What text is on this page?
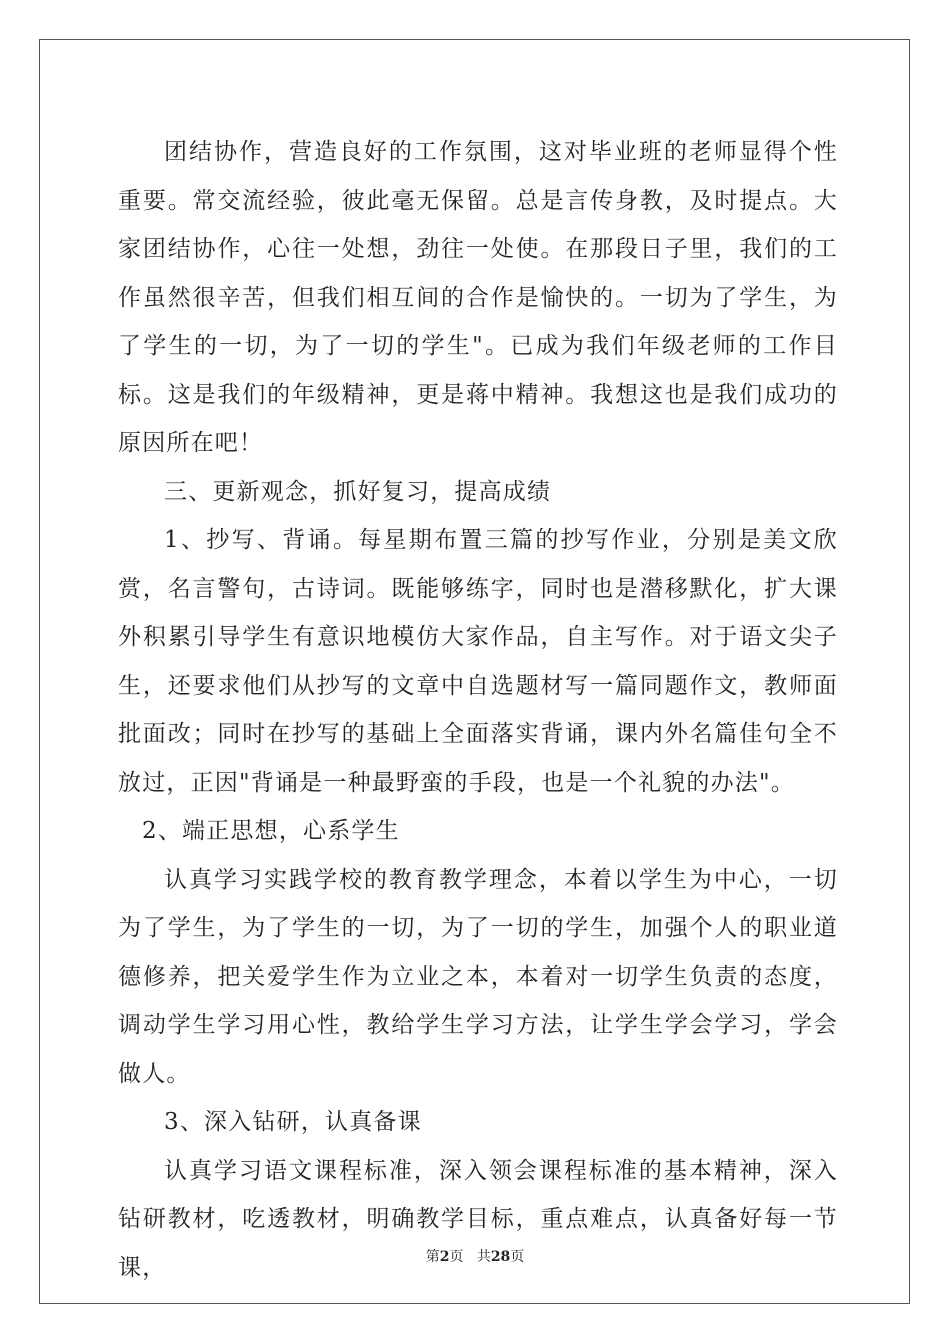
团结协作，营造良好的工作氛围，这对毕业班的老师显得个性重要。常交流经验，彼此毫无保留。总是言传身教，及时提点。大家团结协作，心往一处想，劲往一处使。在那段日子里，我们的工作虽然很辛苦，但我们相互间的合作是愉快的。一切为了学生，为了学生的一切，为了一切的学生"。已成为我们年级老师的工作目标。这是我们的年级精神，更是蒋中精神。我想这也是我们成功的原因所在吧！

三、更新观念，抓好复习，提高成绩

1、抄写、背诵。每星期布置三篇的抄写作业，分别是美文欣赏，名言警句，古诗词。既能够练字，同时也是潜移默化，扩大课外积累引导学生有意识地模仿大家作品，自主写作。对于语文尖子生，还要求他们从抄写的文章中自选题材写一篇同题作文，教师面批面改；同时在抄写的基础上全面落实背诵，课内外名篇佳句全不放过，正因"背诵是一种最野蛮的手段，也是一个礼貌的办法"。

2、端正思想，心系学生

认真学习实践学校的教育教学理念，本着以学生为中心，一切为了学生，为了学生的一切，为了一切的学生，加强个人的职业道德修养，把关爱学生作为立业之本，本着对一切学生负责的态度，调动学生学习用心性，教给学生学习方法，让学生学会学习，学会做人。

3、深入钻研，认真备课

认真学习语文课程标准，深入领会课程标准的基本精神，深入钻研教材，吃透教材，明确教学目标，重点难点，认真备好每一节课，	第2页 共28页
